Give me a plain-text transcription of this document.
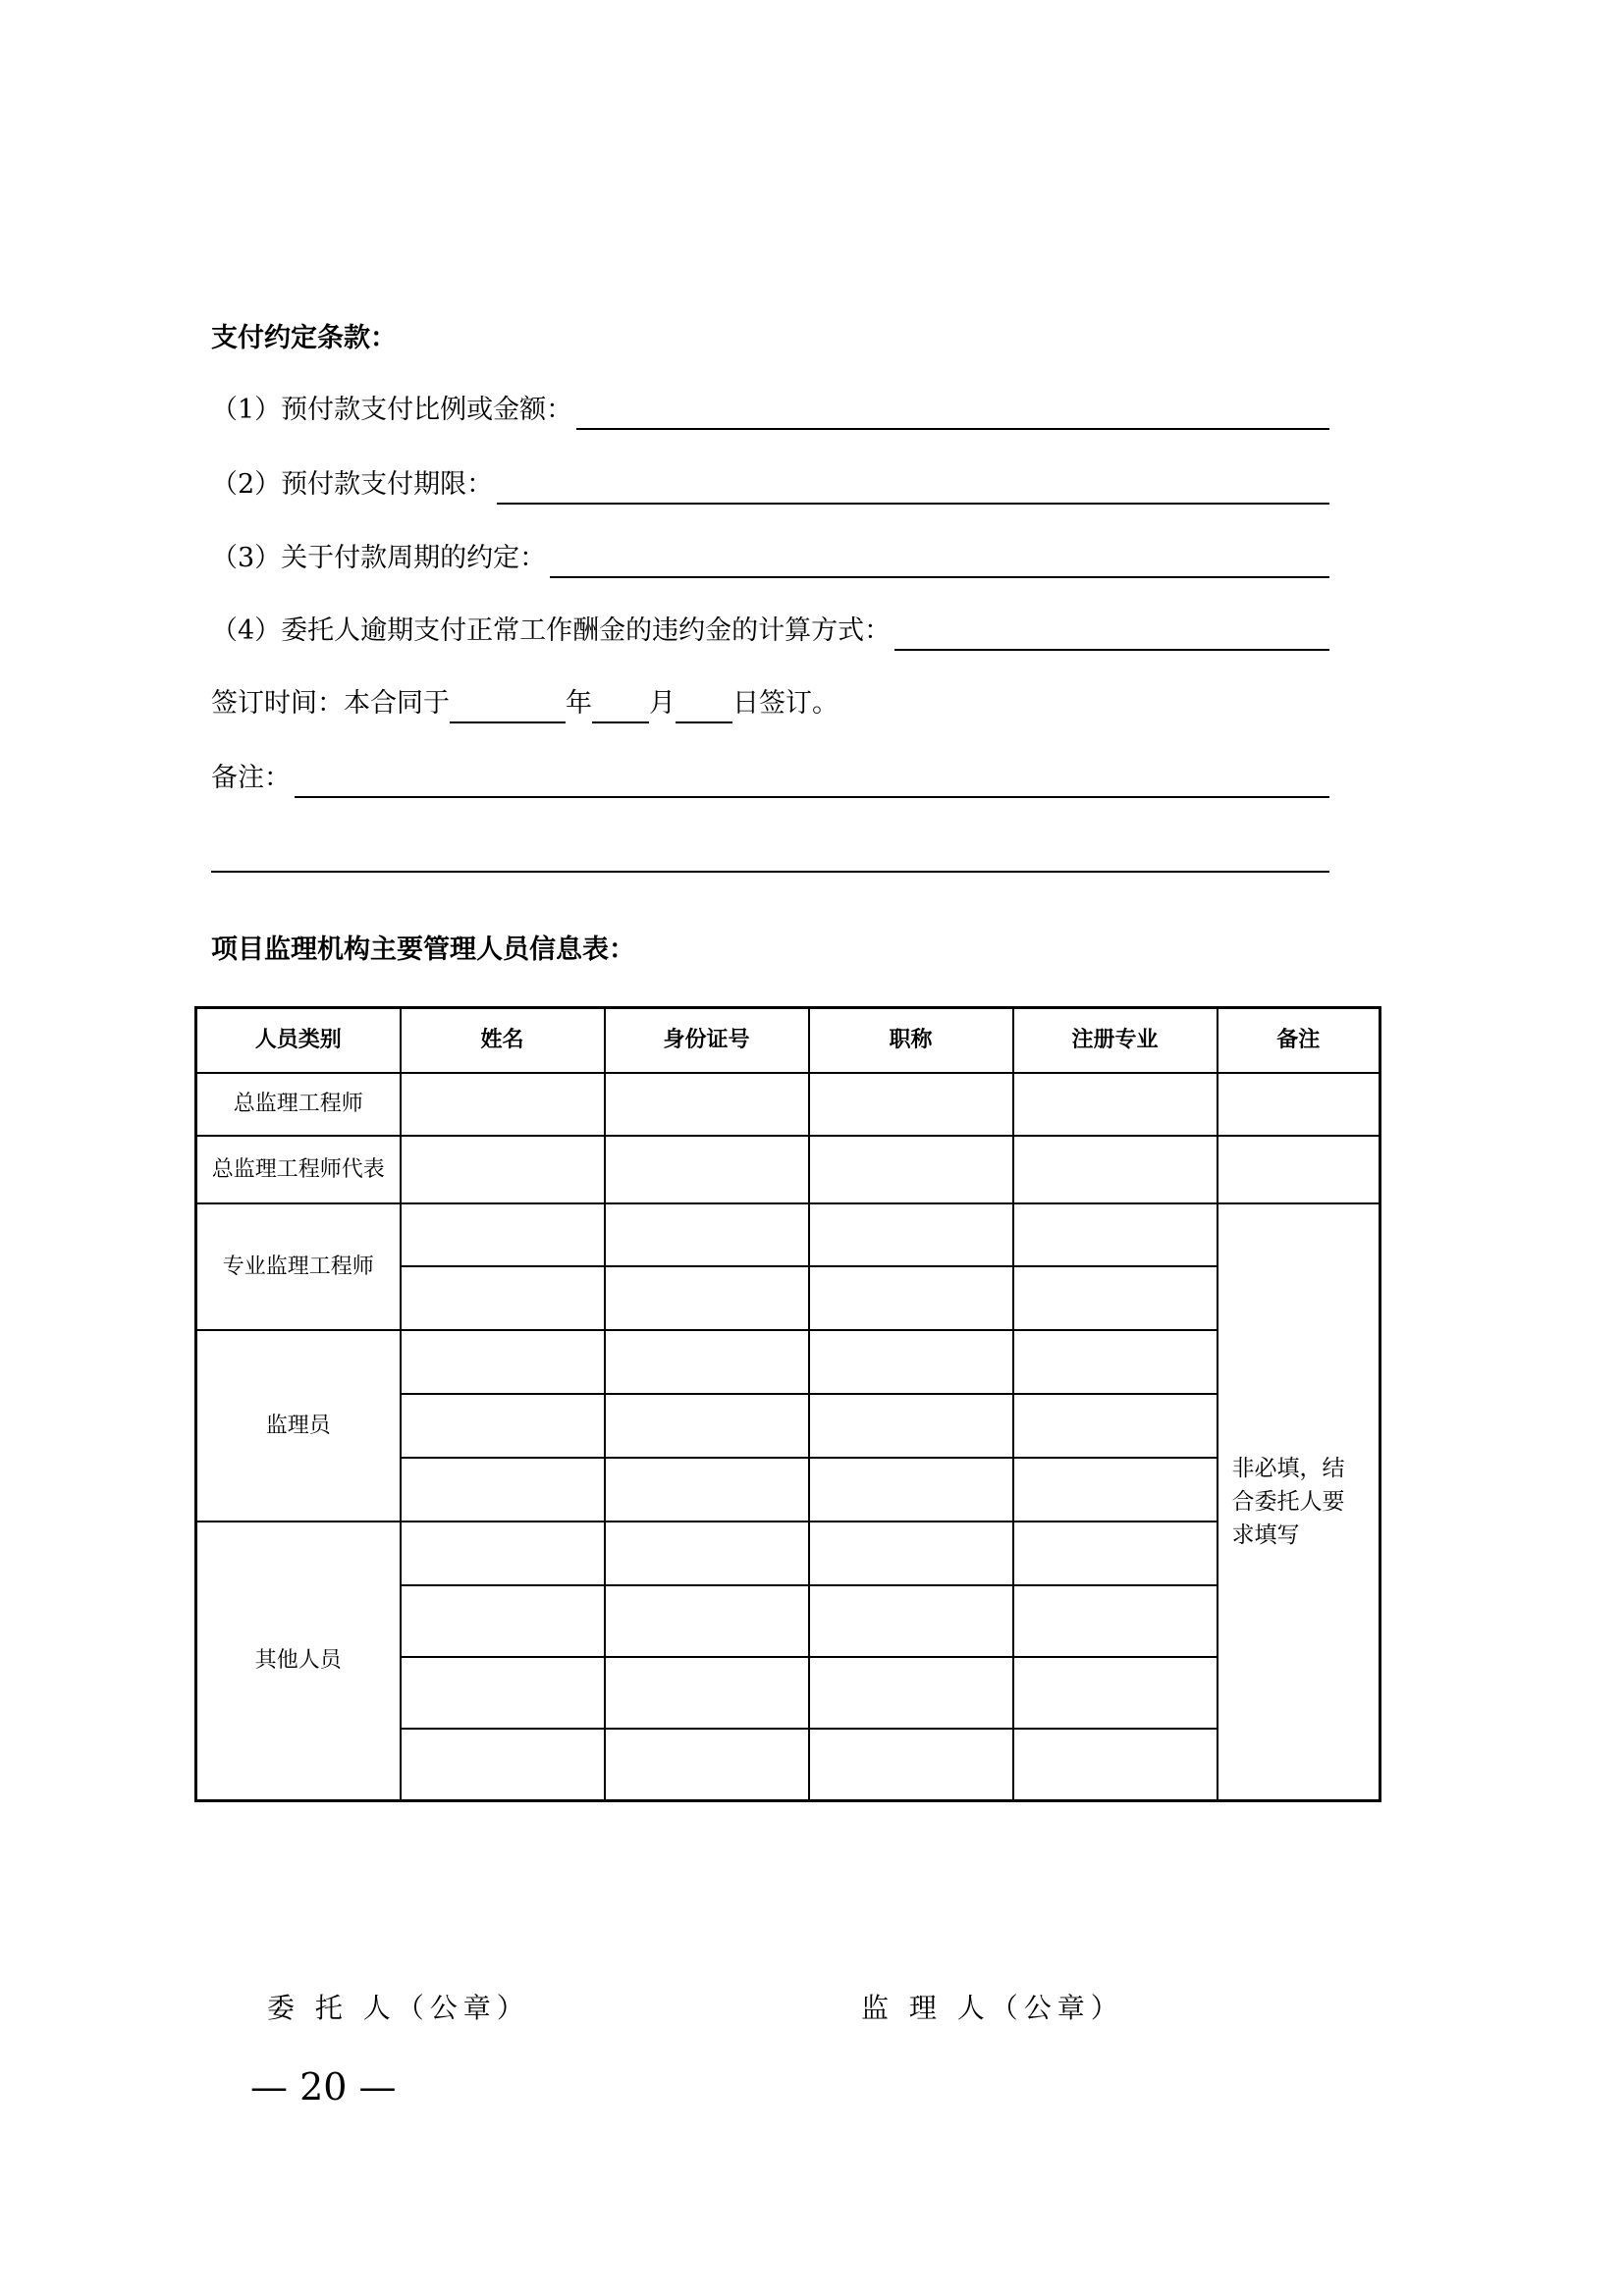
支付约定条款：
（1）预付款支付比例或金额：
（2）预付款支付期限：
（3）关于付款周期的约定：
（4）委托人逾期支付正常工作酬金的违约金的计算方式：
签订时间：本合同于	年 月 日签订。
备注：
项目监理机构主要管理人员信息表：
人员类别	姓名	身份证号	职称	注册专业	备注
总监理工程师					
总监理工程师代表					
专业监理工程师					非必填，结合委托人要求填写

监理员					

其他人员					

委 托 人（公章）	监 理 人（公章）
— 20 —
